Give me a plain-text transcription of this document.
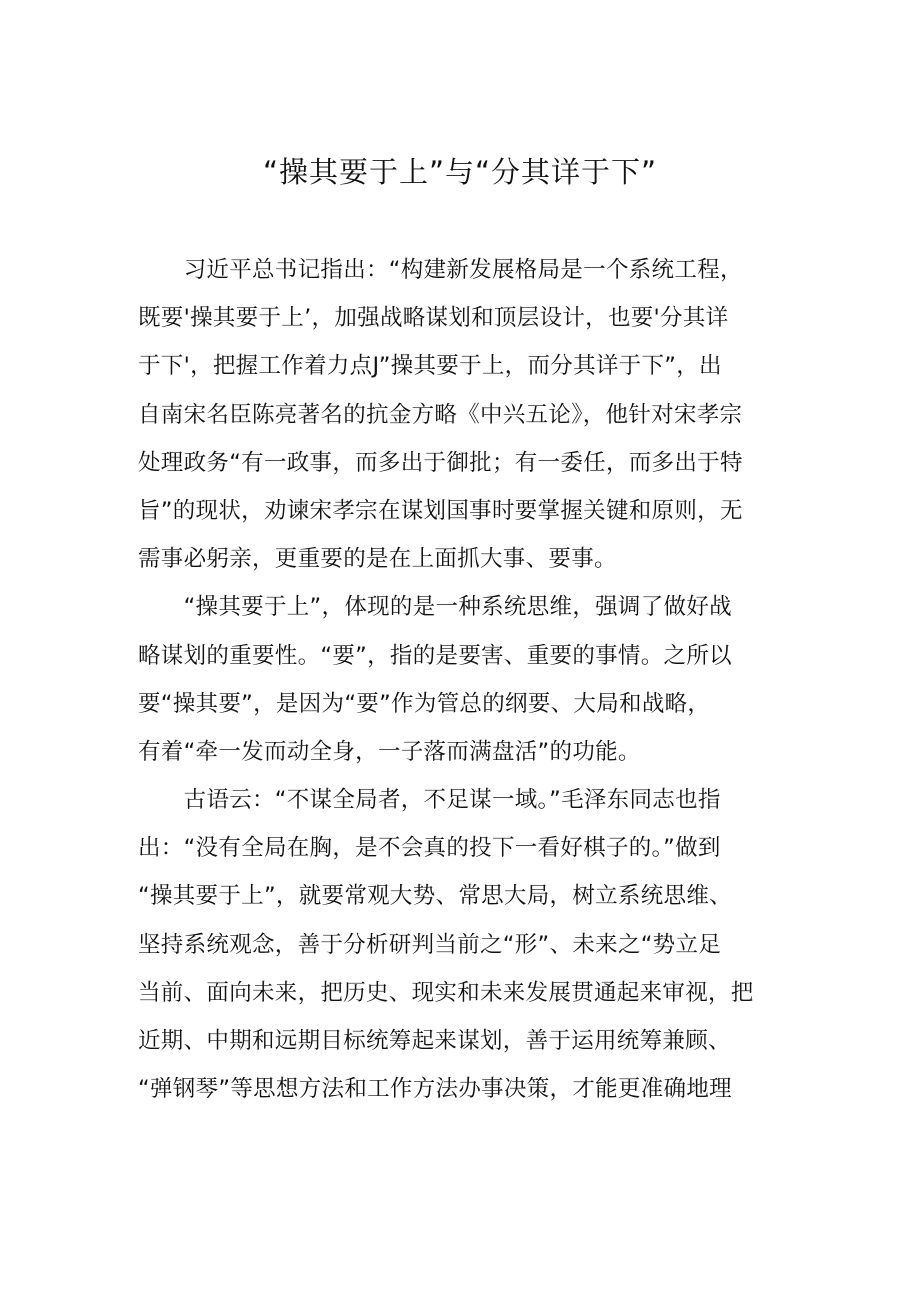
“操其要于上”与“分其详于下”
　　习近平总书记指出：“构建新发展格局是一个系统工程，
既要'操其要于上’，加强战略谋划和顶层设计，也要'分其详
于下'，把握工作着力点J”操其要于上，而分其详于下”，出
自南宋名臣陈亮著名的抗金方略《中兴五论》，他针对宋孝宗
处理政务“有一政事，而多出于御批；有一委任，而多出于特
旨”的现状，劝谏宋孝宗在谋划国事时要掌握关键和原则，无
需事必躬亲，更重要的是在上面抓大事、要事。
　　“操其要于上”，体现的是一种系统思维，强调了做好战
略谋划的重要性。“要”，指的是要害、重要的事情。之所以
要“操其要”，是因为“要”作为管总的纲要、大局和战略，
有着“牵一发而动全身，一子落而满盘活”的功能。
　　古语云：“不谋全局者，不足谋一域。”毛泽东同志也指
出：“没有全局在胸，是不会真的投下一看好棋子的。”做到
“操其要于上”，就要常观大势、常思大局，树立系统思维、
坚持系统观念，善于分析研判当前之“形”、未来之“势立足
当前、面向未来，把历史、现实和未来发展贯通起来审视，把
近期、中期和远期目标统筹起来谋划，善于运用统筹兼顾、
“弹钢琴”等思想方法和工作方法办事决策，才能更准确地理
